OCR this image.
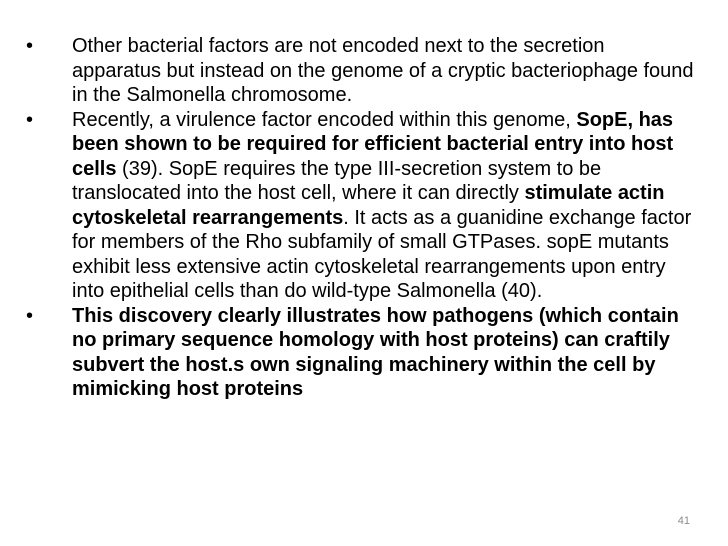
•	Other bacterial factors are not encoded next to the secretion apparatus but instead on the genome of a cryptic bacteriophage found in the Salmonella chromosome.
•	Recently, a virulence factor encoded within this genome, SopE, has been shown to be required for efficient bacterial entry into host cells (39). SopE requires the type III-secretion system to be translocated into the host cell, where it can directly stimulate actin cytoskeletal rearrangements. It acts as a guanidine exchange factor for members of the Rho subfamily of small GTPases. sopE mutants exhibit less extensive actin cytoskeletal rearrangements upon entry into epithelial cells than do wild-type Salmonella (40).
•	This discovery clearly illustrates how pathogens (which contain no primary sequence homology with host proteins) can craftily subvert the host.s own signaling machinery within the cell by mimicking host proteins
41
